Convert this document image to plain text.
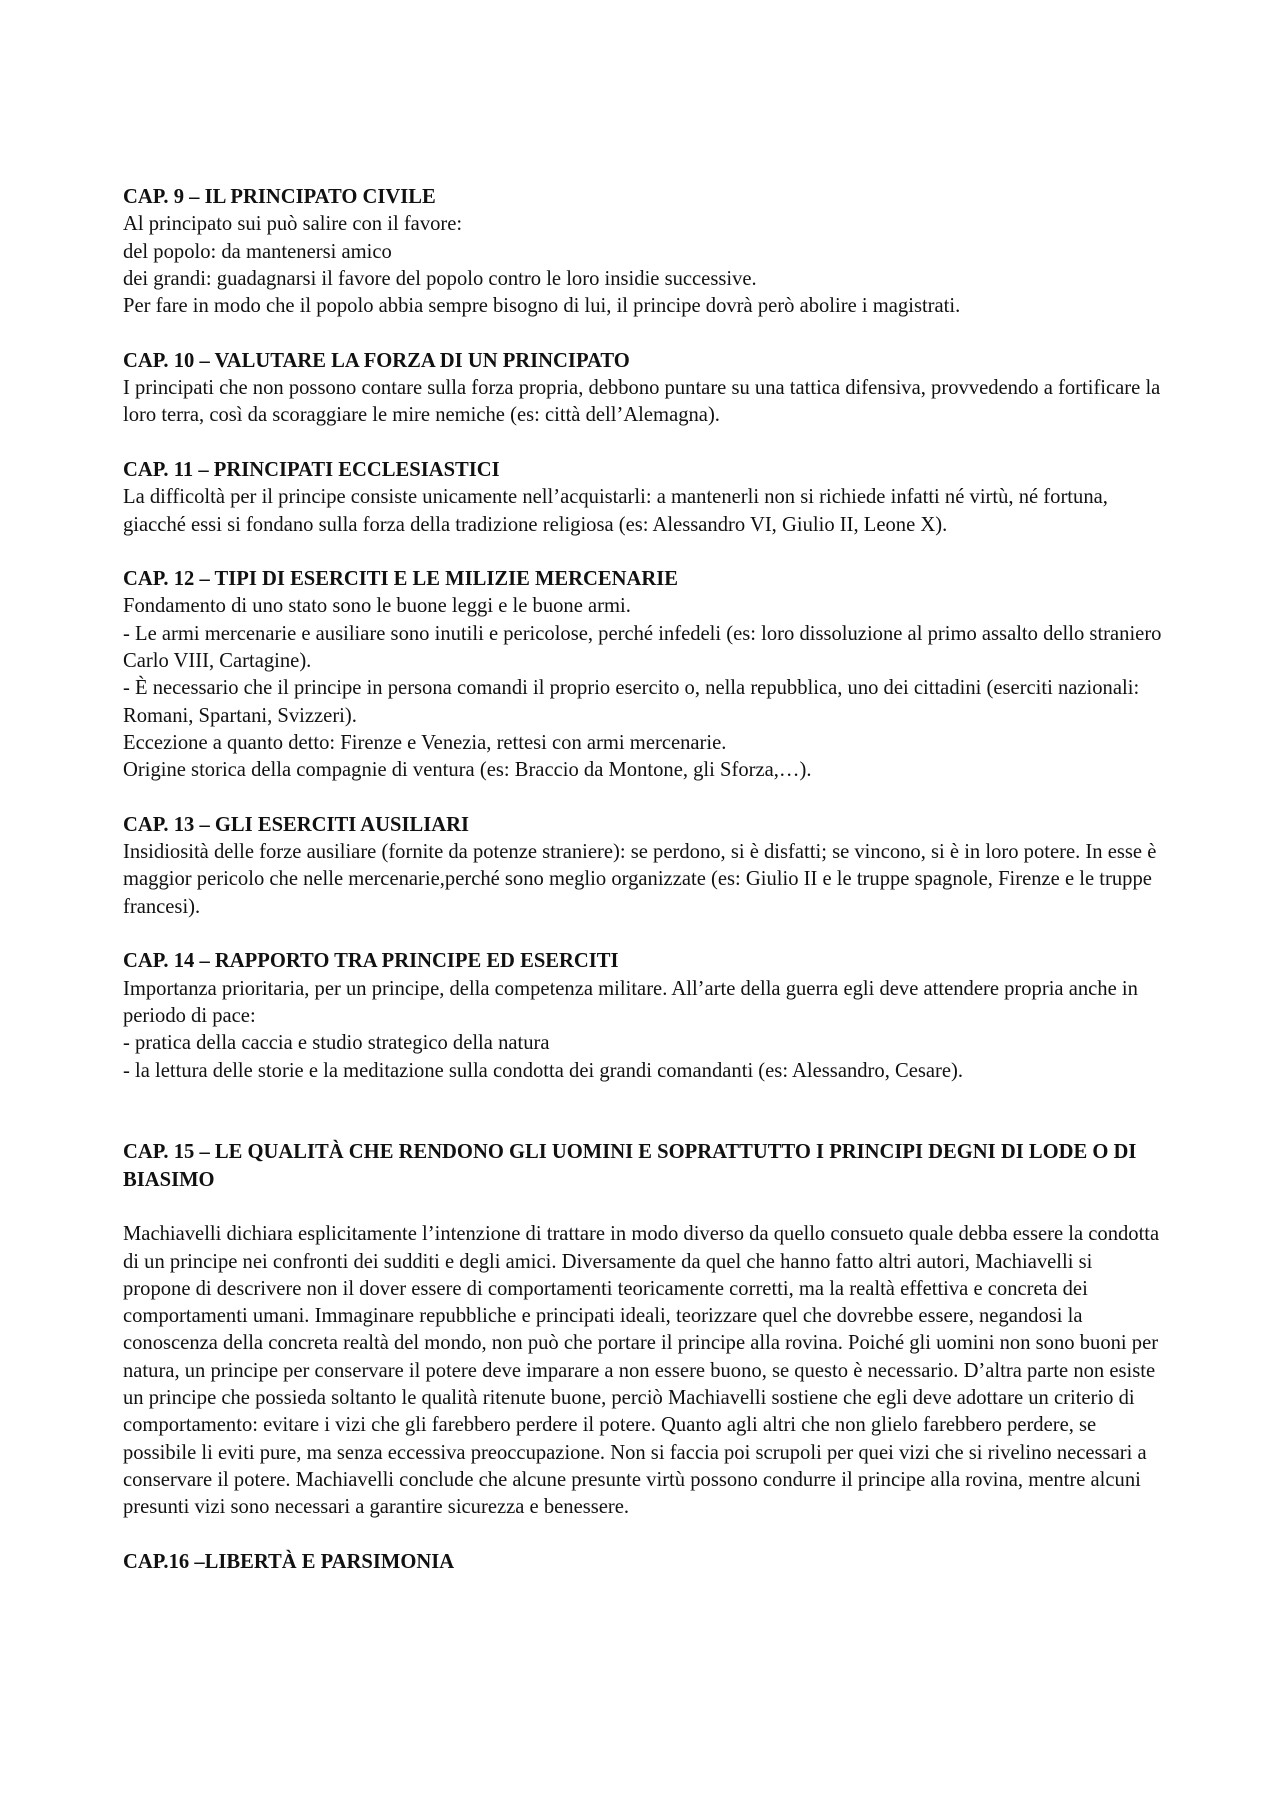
CAP. 9 – IL PRINCIPATO CIVILE
Al principato sui può salire con il favore:
del popolo: da mantenersi amico
dei grandi: guadagnarsi il favore del popolo contro le loro insidie successive.
Per fare in modo che il popolo abbia sempre bisogno di lui, il principe dovrà però abolire i magistrati.
CAP. 10 – VALUTARE LA FORZA DI UN PRINCIPATO
I principati che non possono contare sulla forza propria, debbono puntare su una tattica difensiva, provvedendo a fortificare la loro terra, così da scoraggiare le mire nemiche (es: città dell’Alemagna).
CAP. 11 – PRINCIPATI ECCLESIASTICI
La difficoltà per il principe consiste unicamente nell’acquistarli: a mantenerli non si richiede infatti né virtù, né fortuna, giacché essi si fondano sulla forza della tradizione religiosa (es: Alessandro VI, Giulio II, Leone X).
CAP. 12 – TIPI DI ESERCITI E LE MILIZIE MERCENARIE
Fondamento di uno stato sono le buone leggi e le buone armi.
- Le armi mercenarie e ausiliare sono inutili e pericolose, perché infedeli (es: loro dissoluzione al primo assalto dello straniero Carlo VIII, Cartagine).
- È necessario che il principe in persona comandi il proprio esercito o, nella repubblica, uno dei cittadini (eserciti nazionali: Romani, Spartani, Svizzeri).
Eccezione a quanto detto: Firenze e Venezia, rettesi con armi mercenarie.
Origine storica della compagnie di ventura (es: Braccio da Montone, gli Sforza,…).
CAP. 13 – GLI ESERCITI AUSILIARI
Insidiosità delle forze ausiliare (fornite da potenze straniere): se perdono, si è disfatti; se vincono, si è in loro potere. In esse è maggior pericolo che nelle mercenarie,perché sono meglio organizzate (es: Giulio II e le truppe spagnole, Firenze e le truppe francesi).
CAP. 14 – RAPPORTO TRA PRINCIPE ED ESERCITI
Importanza prioritaria, per un principe, della competenza militare. All’arte della guerra egli deve attendere propria anche in periodo di pace:
- pratica della caccia e studio strategico della natura
- la lettura delle storie e la meditazione sulla condotta dei grandi comandanti (es: Alessandro, Cesare).
CAP. 15 – LE QUALITÀ CHE RENDONO GLI UOMINI E SOPRATTUTTO I PRINCIPI DEGNI DI LODE O DI BIASIMO
Machiavelli dichiara esplicitamente l’intenzione di trattare in modo diverso da quello consueto quale debba essere la condotta di un principe nei confronti dei sudditi e degli amici. Diversamente da quel che hanno fatto altri autori, Machiavelli si propone di descrivere non il dover essere di comportamenti teoricamente corretti, ma la realtà effettiva e concreta dei comportamenti umani. Immaginare repubbliche e principati ideali, teorizzare quel che dovrebbe essere, negandosi la conoscenza della concreta realtà del mondo, non può che portare il principe alla rovina. Poiché gli uomini non sono buoni per natura, un principe per conservare il potere deve imparare a non essere buono, se questo è necessario. D’altra parte non esiste un principe che possieda soltanto le qualità ritenute buone, perciò Machiavelli sostiene che egli deve adottare un criterio di comportamento: evitare i vizi che gli farebbero perdere il potere. Quanto agli altri che non glielo farebbero perdere, se possibile li eviti pure, ma senza eccessiva preoccupazione. Non si faccia poi scrupoli per quei vizi che si rivelino necessari a conservare il potere. Machiavelli conclude che alcune presunte virtù possono condurre il principe alla rovina, mentre alcuni presunti vizi sono necessari a garantire sicurezza e benessere.
CAP.16 –LIBERTÀ E PARSIMONIA
